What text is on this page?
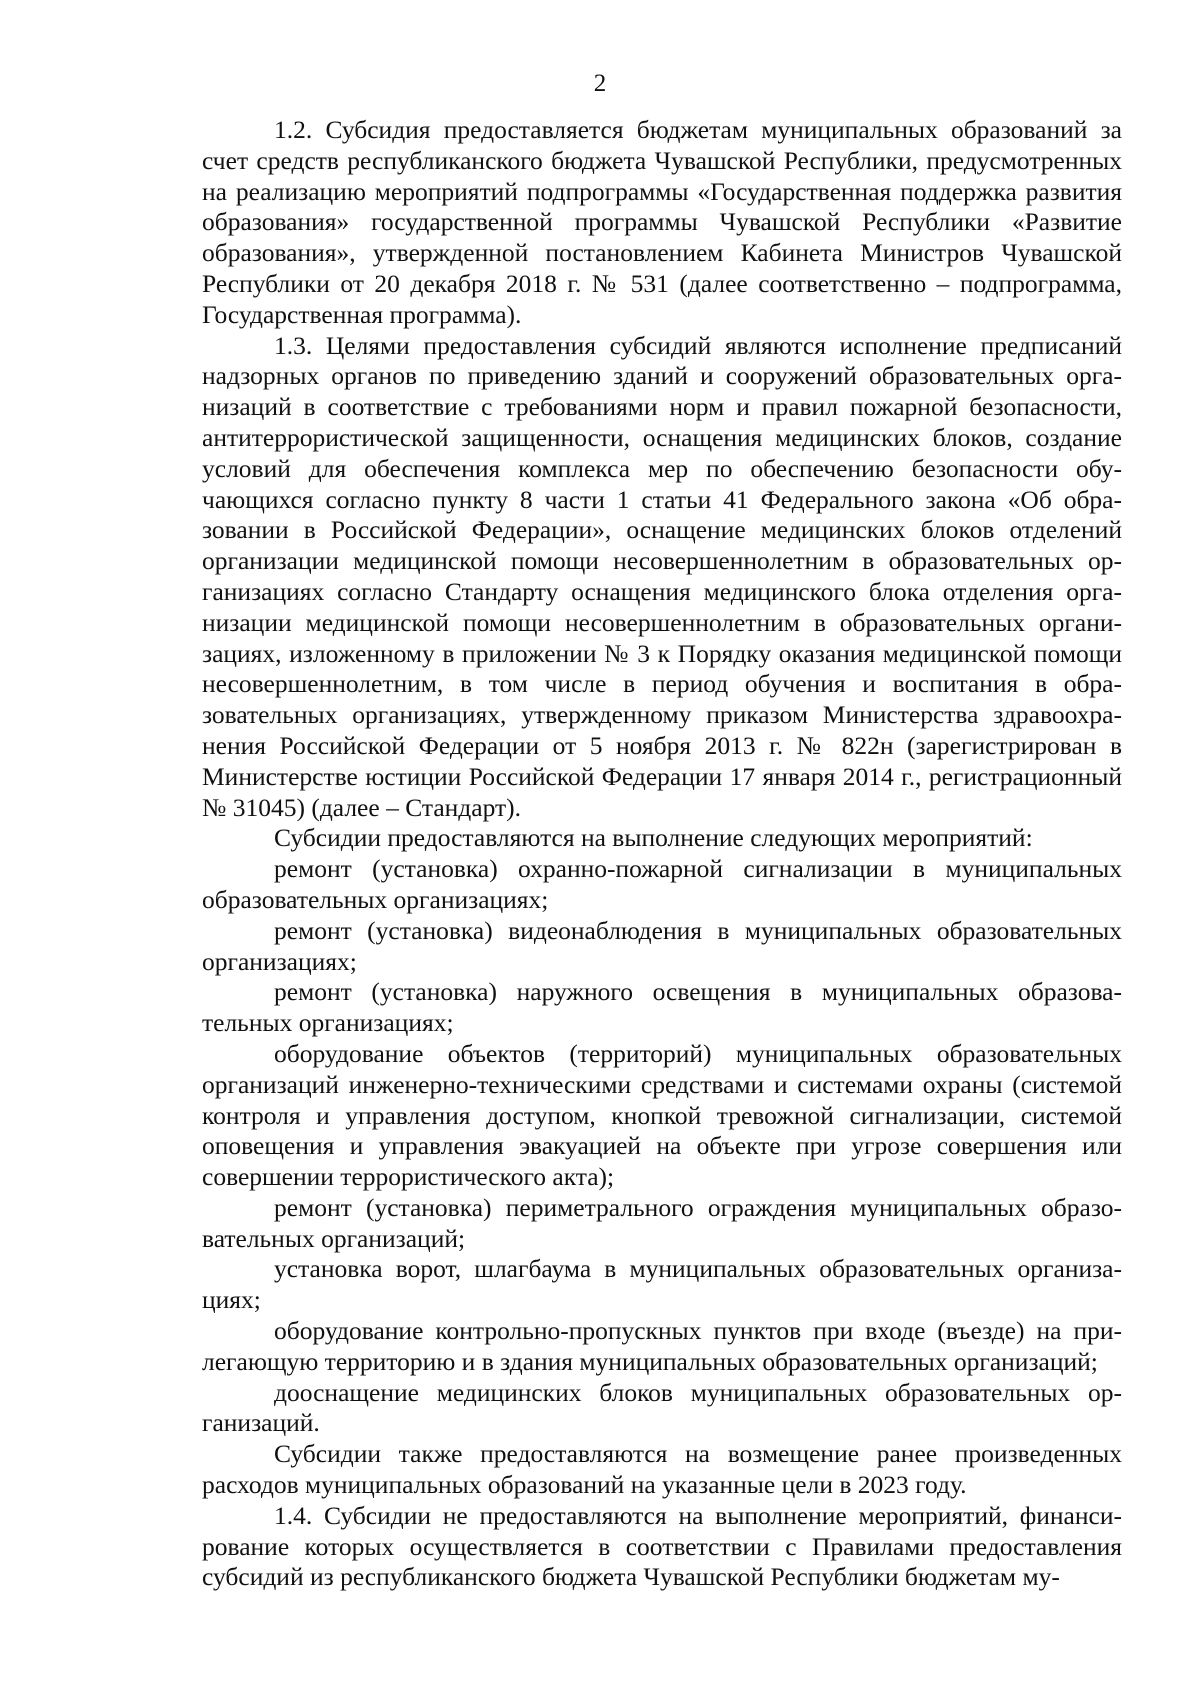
2

1.2. Субсидия предоставляется бюджетам муниципальных образований за счет средств республиканского бюджета Чувашской Республики, предусмотренных на реализацию мероприятий подпрограммы «Государственная поддержка развития образования» государственной программы Чувашской Республики «Развитие образования», утвержденной постановлением Кабинета Министров Чувашской Республики от 20 декабря 2018 г. № 531 (далее соответственно – подпрограмма, Государственная программа).

1.3. Целями предоставления субсидий являются исполнение предписаний надзорных органов по приведению зданий и сооружений образовательных организаций в соответствие с требованиями норм и правил пожарной безопасности, антитеррористической защищенности, оснащения медицинских блоков, создание условий для обеспечения комплекса мер по обеспечению безопасности обучающихся согласно пункту 8 части 1 статьи 41 Федерального закона «Об образовании в Российской Федерации», оснащение медицинских блоков отделений организации медицинской помощи несовершеннолетним в образовательных организациях согласно Стандарту оснащения медицинского блока отделения организации медицинской помощи несовершеннолетним в образовательных организациях, изложенному в приложении № 3 к Порядку оказания медицинской помощи несовершеннолетним, в том числе в период обучения и воспитания в образовательных организациях, утвержденному приказом Министерства здравоохранения Российской Федерации от 5 ноября 2013 г. № 822н (зарегистрирован в Министерстве юстиции Российской Федерации 17 января 2014 г., регистрационный № 31045) (далее – Стандарт).

Субсидии предоставляются на выполнение следующих мероприятий:

ремонт (установка) охранно-пожарной сигнализации в муниципальных образовательных организациях;

ремонт (установка) видеонаблюдения в муниципальных образовательных организациях;

ремонт (установка) наружного освещения в муниципальных образовательных организациях;

оборудование объектов (территорий) муниципальных образовательных организаций инженерно-техническими средствами и системами охраны (системой контроля и управления доступом, кнопкой тревожной сигнализации, системой оповещения и управления эвакуацией на объекте при угрозе совершения или совершении террористического акта);

ремонт (установка) периметрального ограждения муниципальных образовательных организаций;

установка ворот, шлагбаума в муниципальных образовательных организациях;

оборудование контрольно-пропускных пунктов при входе (въезде) на прилегающую территорию и в здания муниципальных образовательных организаций;

дооснащение медицинских блоков муниципальных образовательных организаций.

Субсидии также предоставляются на возмещение ранее произведенных расходов муниципальных образований на указанные цели в 2023 году.

1.4. Субсидии не предоставляются на выполнение мероприятий, финансирование которых осуществляется в соответствии с Правилами предоставления субсидий из республиканского бюджета Чувашской Республики бюджетам му-
